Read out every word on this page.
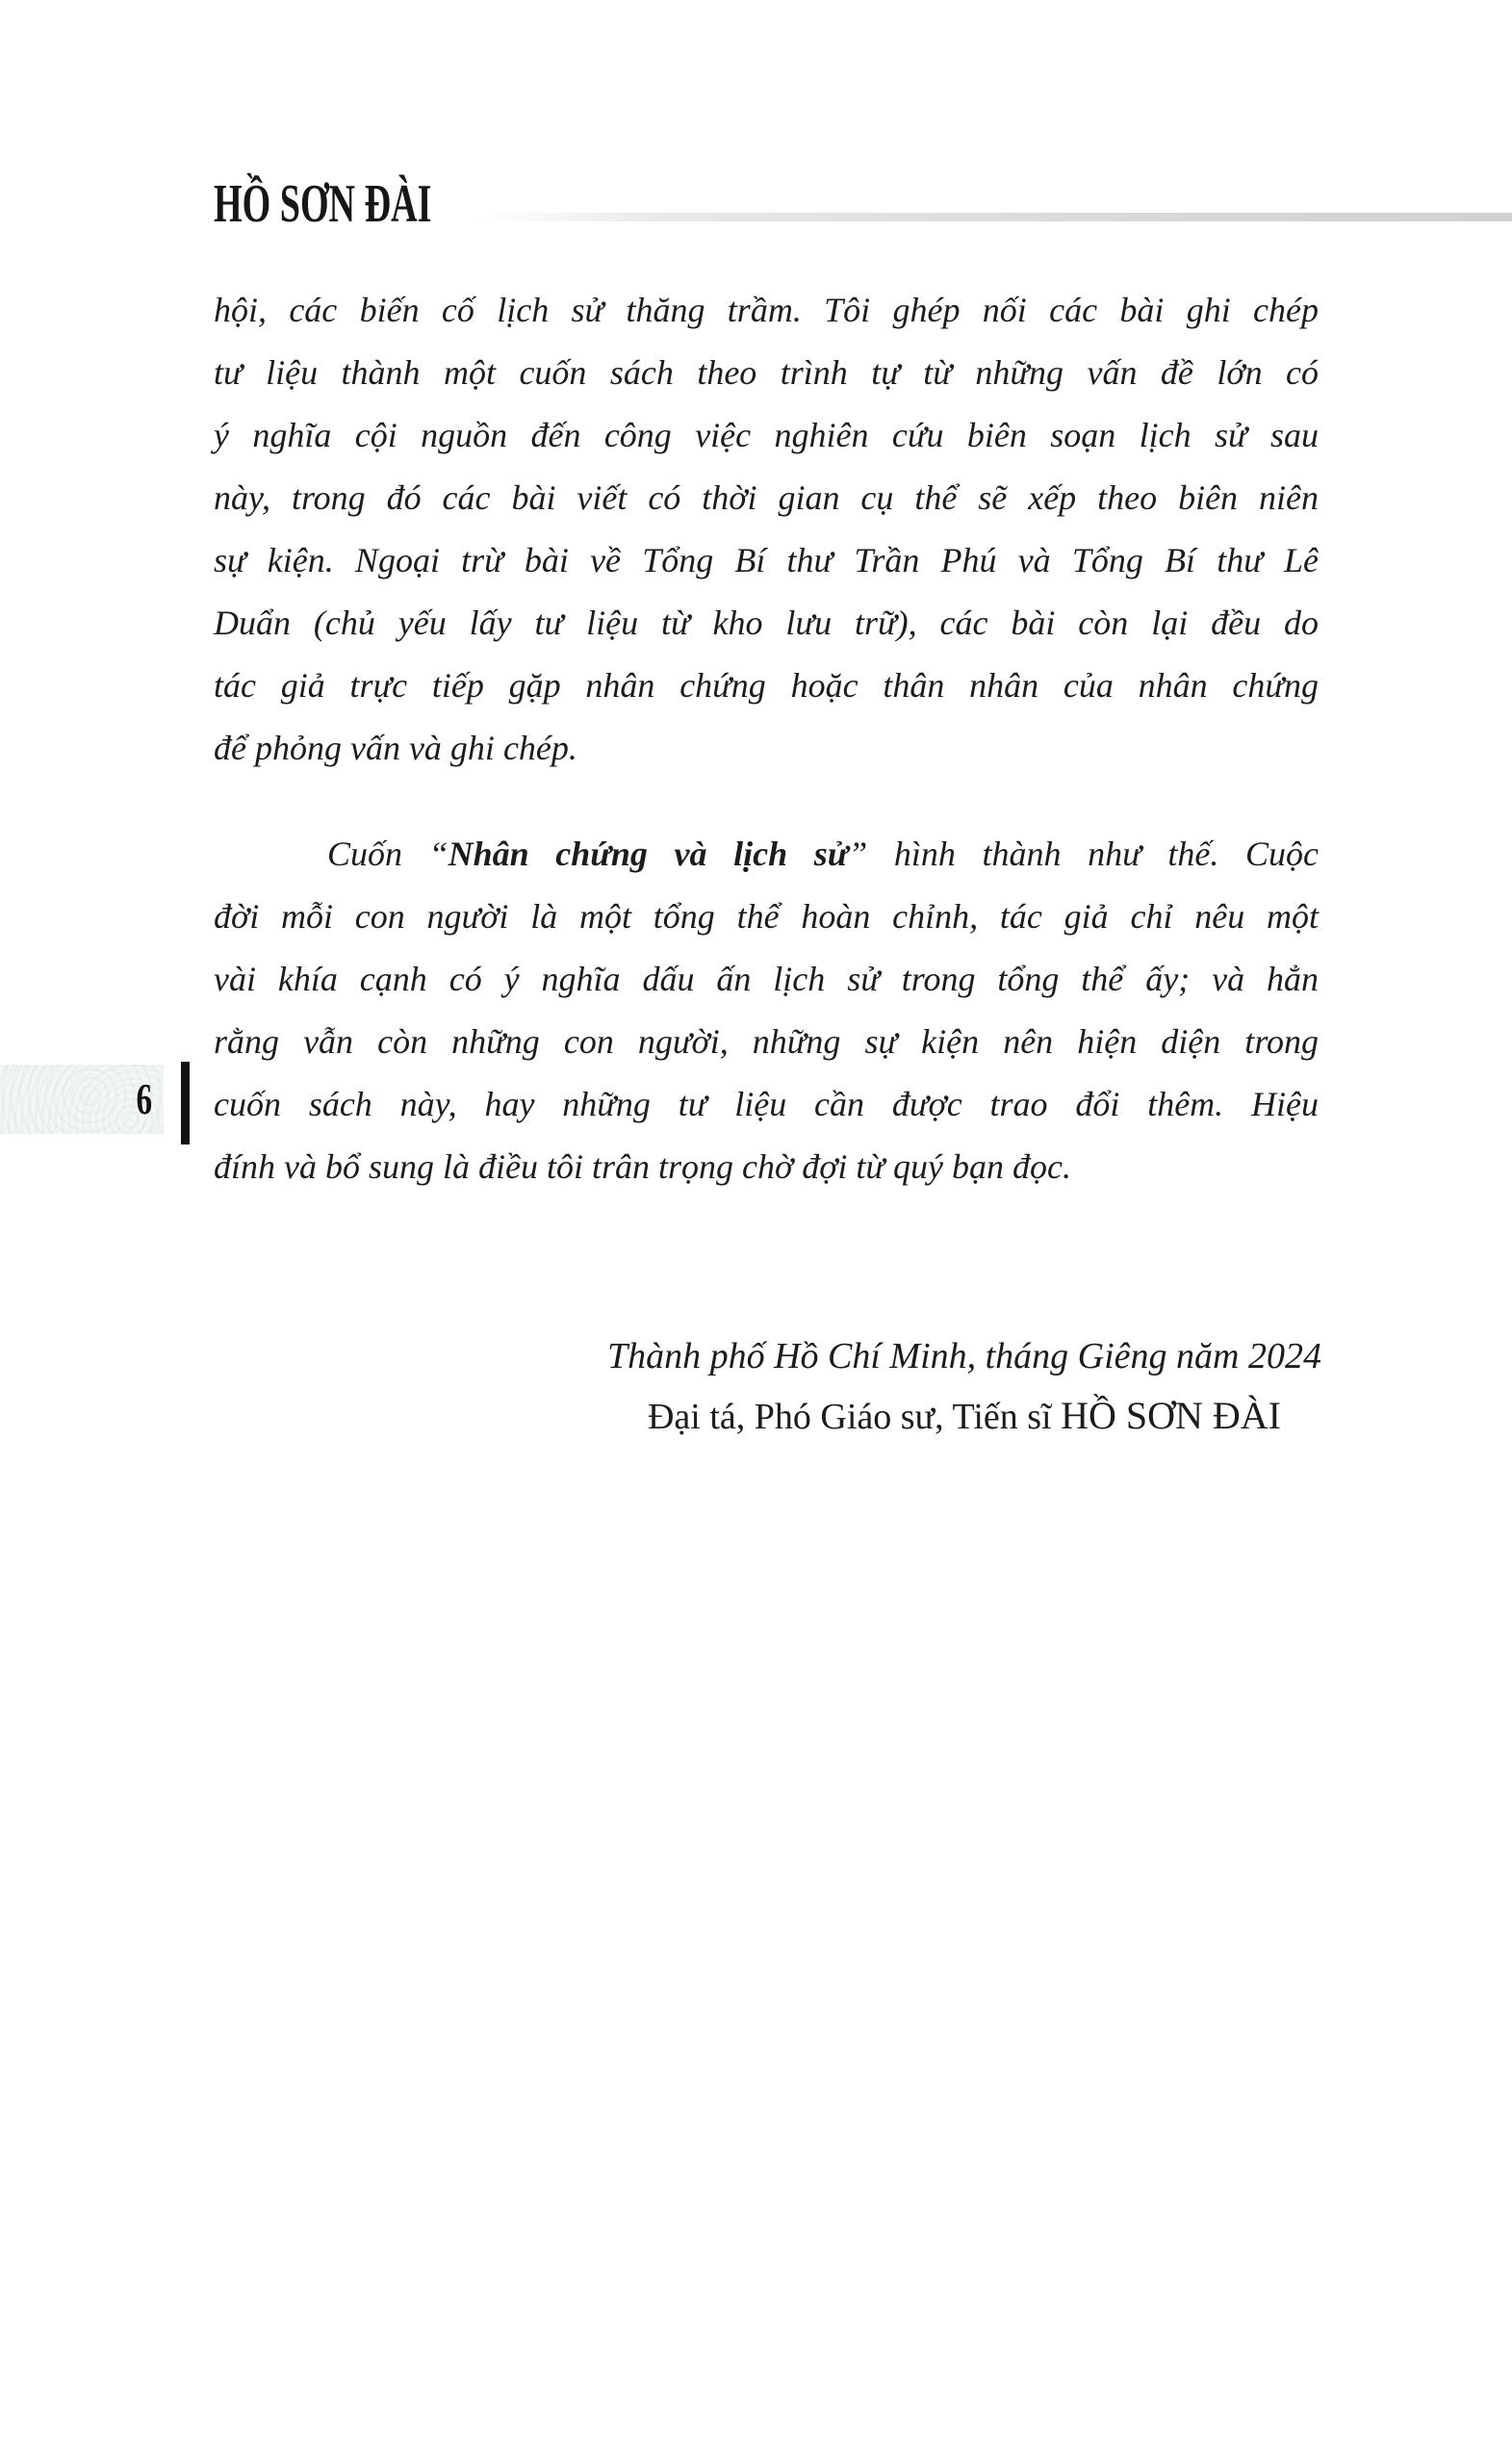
HỒ SƠN ĐÀI
hội, các biến cố lịch sử thăng trầm. Tôi ghép nối các bài ghi chép
tư liệu thành một cuốn sách theo trình tự từ những vấn đề lớn có
ý nghĩa cội nguồn đến công việc nghiên cứu biên soạn lịch sử sau
này, trong đó các bài viết có thời gian cụ thể sẽ xếp theo biên niên
sự kiện. Ngoại trừ bài về Tổng Bí thư Trần Phú và Tổng Bí thư Lê
Duẩn (chủ yếu lấy tư liệu từ kho lưu trữ), các bài còn lại đều do
tác giả trực tiếp gặp nhân chứng hoặc thân nhân của nhân chứng
để phỏng vấn và ghi chép.
Cuốn “Nhân chứng và lịch sử” hình thành như thế. Cuộc
đời mỗi con người là một tổng thể hoàn chỉnh, tác giả chỉ nêu một
vài khía cạnh có ý nghĩa dấu ấn lịch sử trong tổng thể ấy; và hẳn
rằng vẫn còn những con người, những sự kiện nên hiện diện trong
cuốn sách này, hay những tư liệu cần được trao đổi thêm. Hiệu
đính và bổ sung là điều tôi trân trọng chờ đợi từ quý bạn đọc.
6
Thành phố Hồ Chí Minh, tháng Giêng năm 2024
Đại tá, Phó Giáo sư, Tiến sĩ HỒ SƠN ĐÀI
